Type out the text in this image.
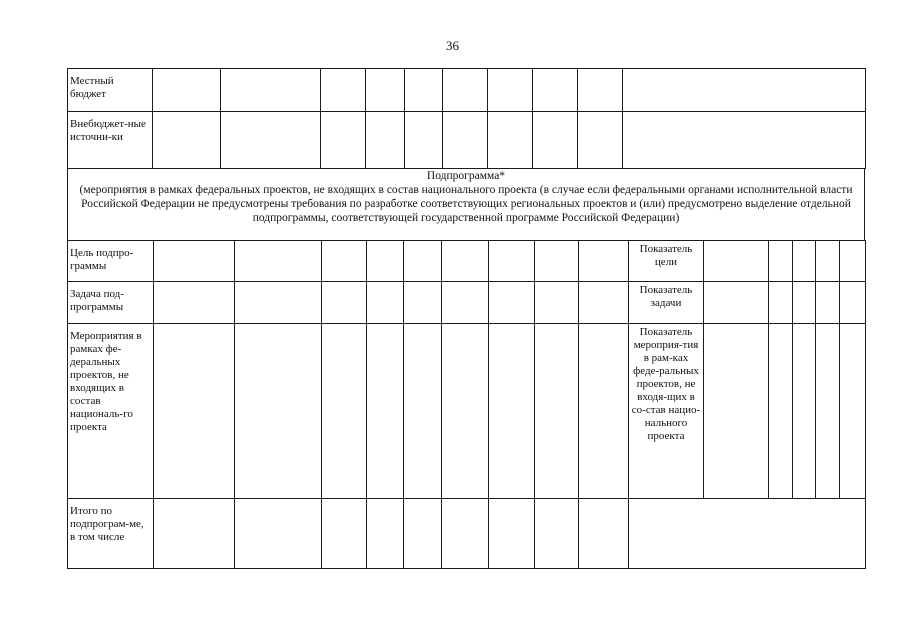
36
Местный бюджет										
Внебюджет-ные источни-ки										
Подпрограмма*
(мероприятия в рамках федеральных проектов, не входящих в состав национального проекта (в случае если федеральными органами исполнительной власти Российской Федерации не предусмотрены требования по разработке соответствующих региональных проектов и (или) предусмотрено выделение отдельной подпрограммы, соответствующей государственной программе Российской Федерации)
Цель подпро-граммы										Показатель цели					
Задача под-программы										Показатель задачи					
Мероприятия в рамках фе-деральных проектов, не входящих в состав националь-го проекта										Показатель мероприя-тия в рам-ках феде-ральных проектов, не входя-щих в со-став нацио-нального проекта					
Итого по подпрограм-ме, в том числе															
